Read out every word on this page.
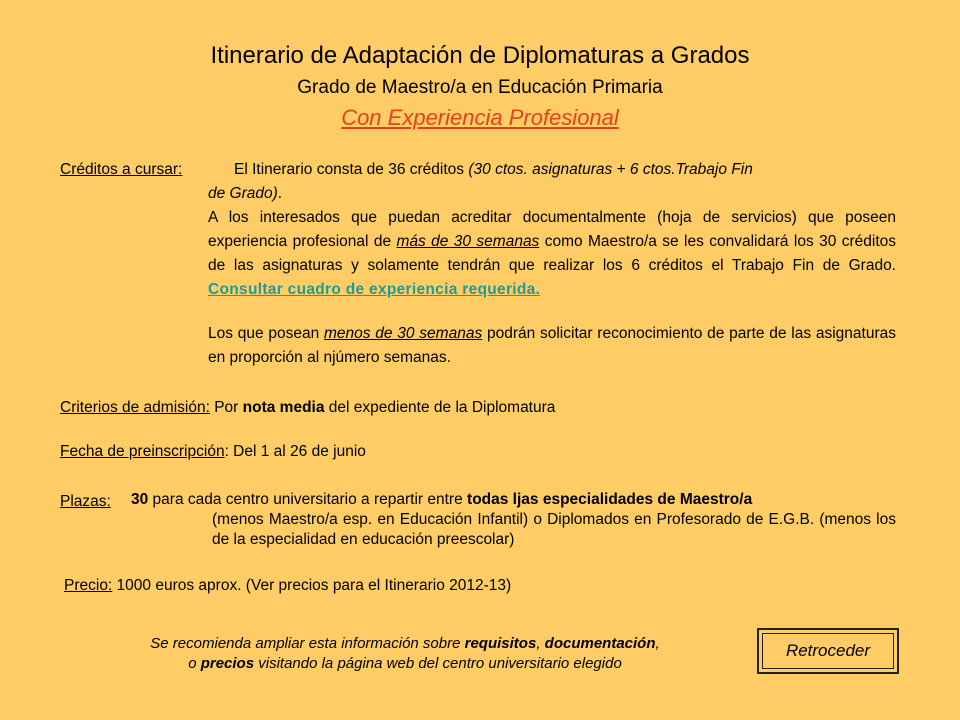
Itinerario de Adaptación de Diplomaturas a Grados
Grado de Maestro/a en Educación Primaria
Con Experiencia Profesional
Créditos a cursar:	El Itinerario consta de 36 créditos (30 ctos. asignaturas + 6 ctos.Trabajo Fin
de Grado).
A los interesados que puedan acreditar documentalmente (hoja de servicios) que poseen experiencia profesional de más de 30 semanas como Maestro/a se les convalidará los 30 créditos de las asignaturas y solamente tendrán que realizar los 6 créditos el Trabajo Fin de Grado. Consultar cuadro de experiencia requerida.
Los que posean menos de 30 semanas podrán solicitar reconocimiento de parte de las asignaturas en proporción al njúmero semanas.
Criterios de admisión: Por nota media del expediente de la Diplomatura
Fecha de preinscripción: Del 1 al 26 de junio
Plazas: 30 para cada centro universitario a repartir entre todas ljas especialidades de Maestro/a
(menos Maestro/a esp. en Educación Infantil) o Diplomados en Profesorado de E.G.B. (menos los de la especialidad en educación preescolar)
Precio: 1000 euros aprox. (Ver precios para el Itinerario 2012-13)
Se recomienda ampliar esta información sobre requisitos, documentación,
o precios visitando la página web del centro universitario elegido
Retroceder
